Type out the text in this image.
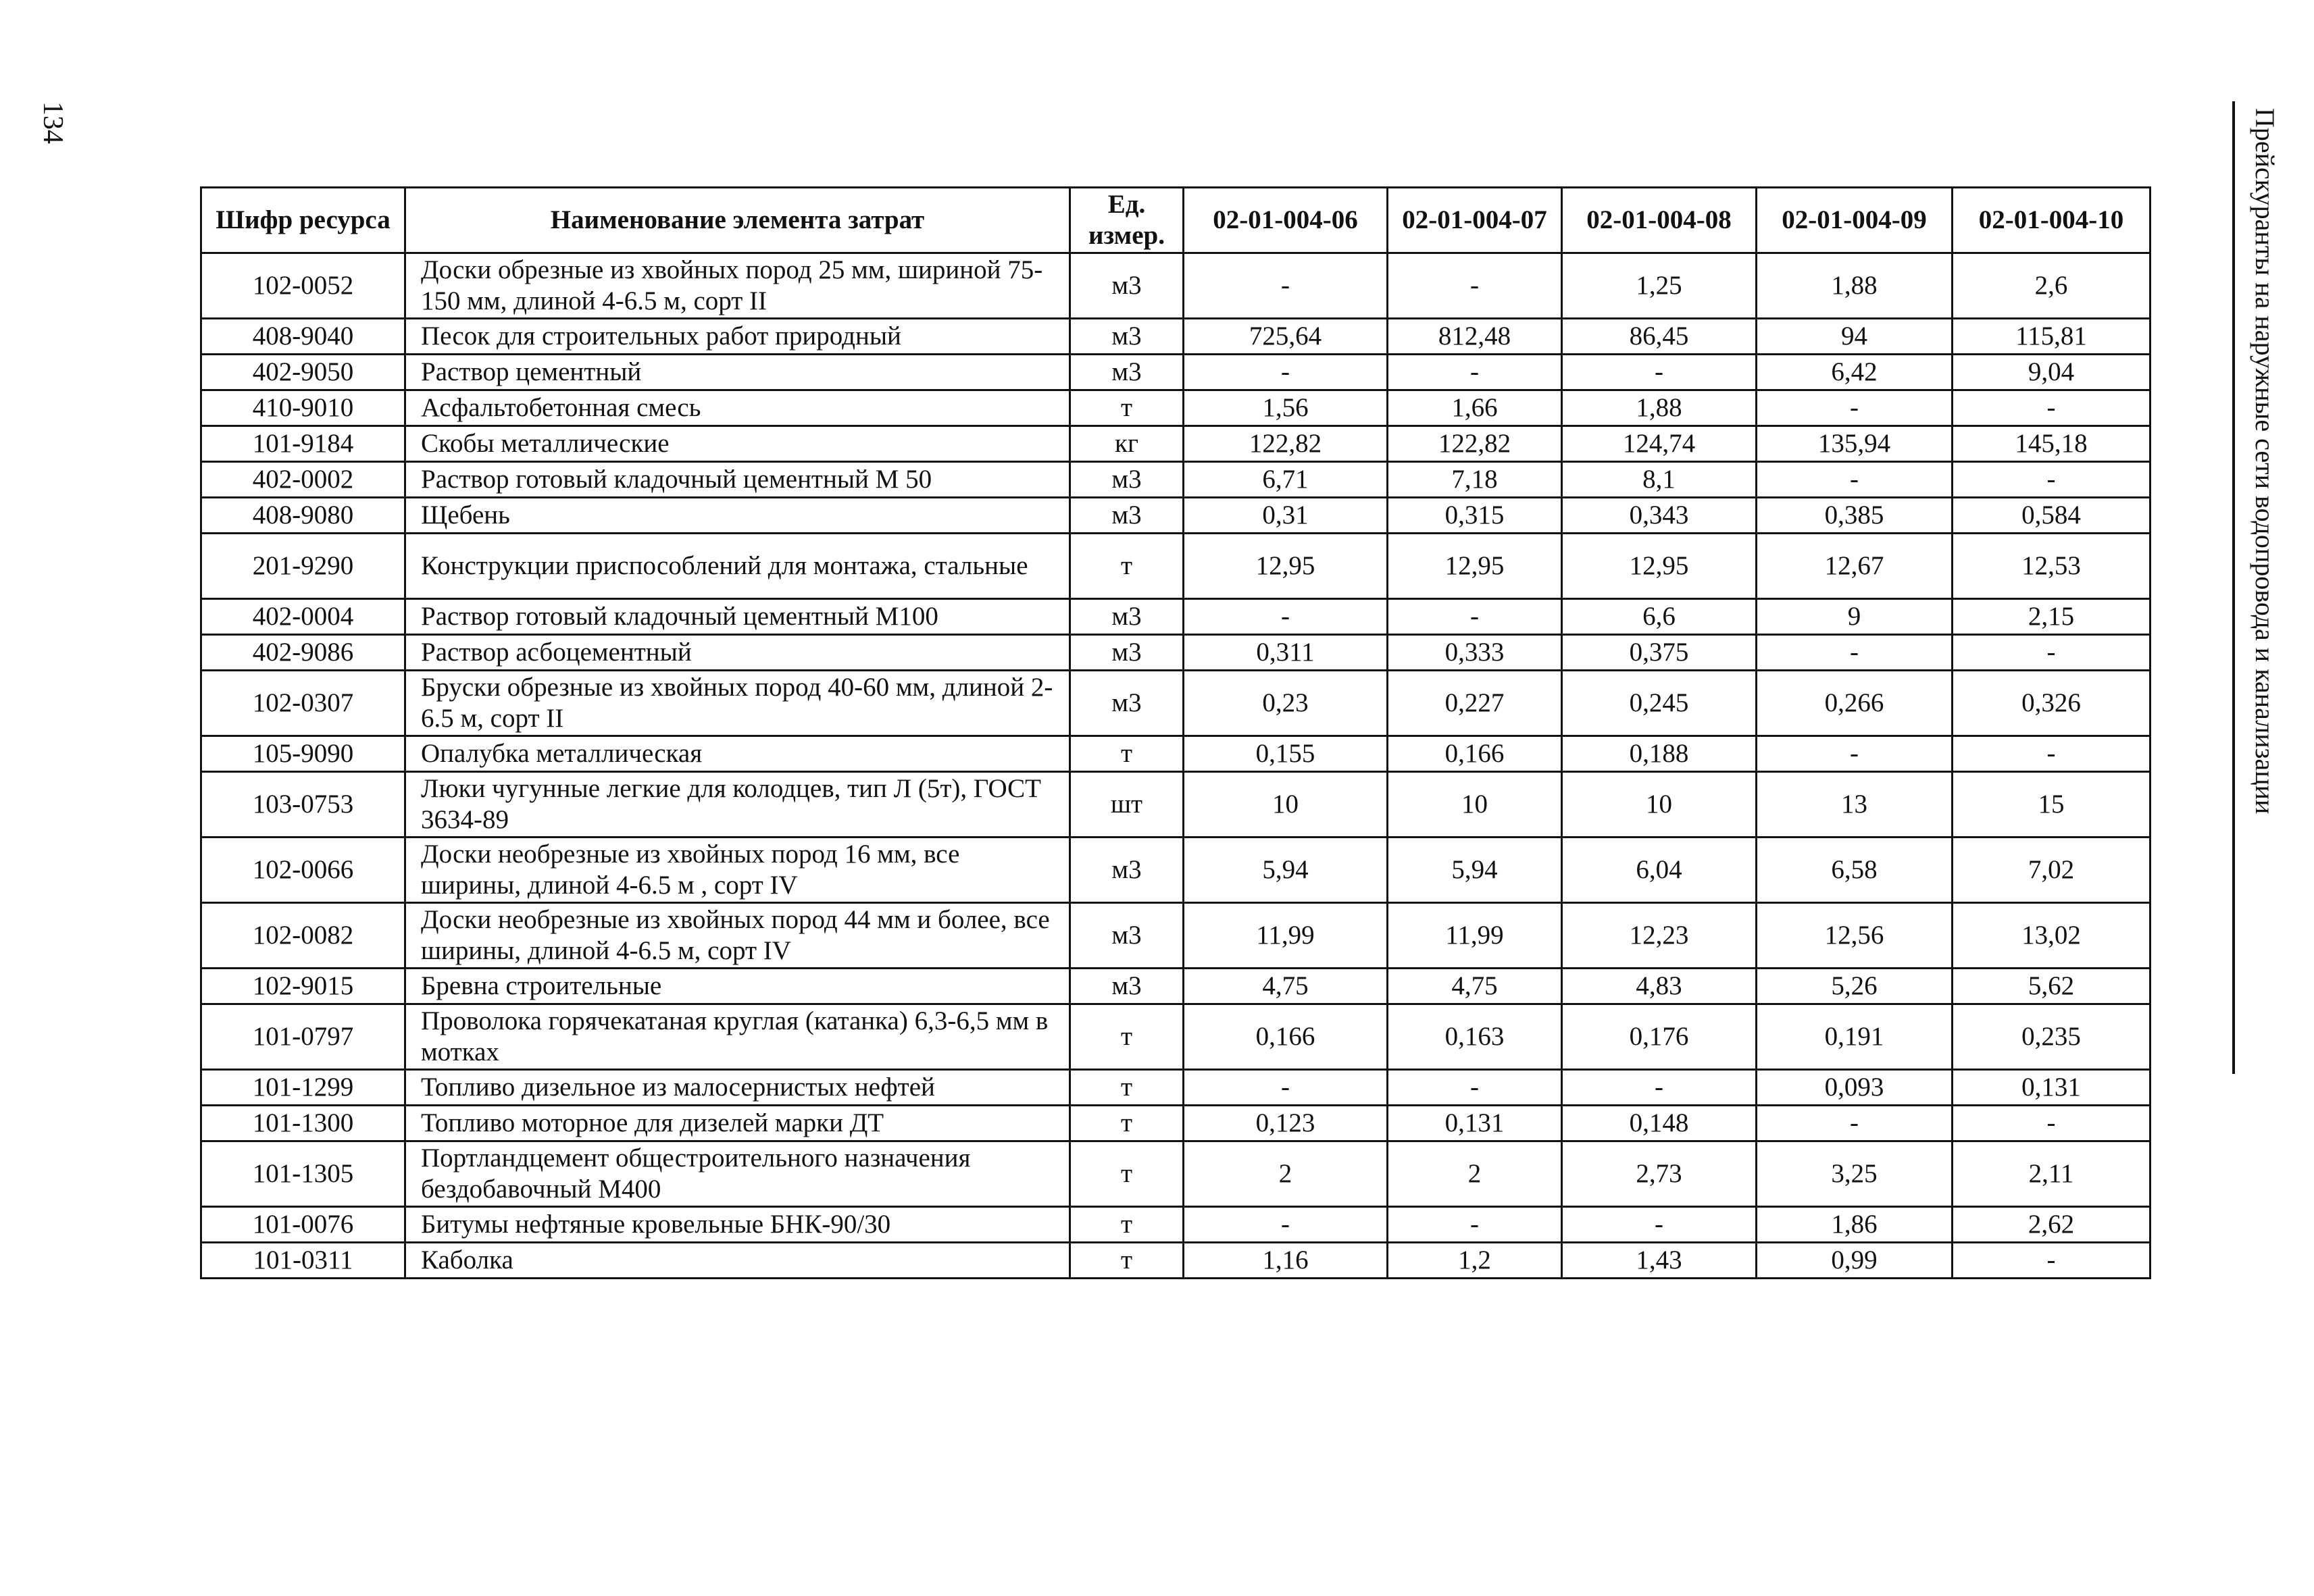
134	Прейскуранты на наружные сети водопровода и канализации
Шифр ресурса	Наименование элемента затрат	Ед. измер.	02-01-004-06	02-01-004-07	02-01-004-08	02-01-004-09	02-01-004-10
102-0052	Доски обрезные из хвойных пород 25 мм, шириной 75-150 мм, длиной 4-6.5 м, сорт II	м3	-	-	1,25	1,88	2,6
408-9040	Песок для строительных работ природный	м3	725,64	812,48	86,45	94	115,81
402-9050	Раствор цементный	м3	-	-	-	6,42	9,04
410-9010	Асфальтобетонная смесь	т	1,56	1,66	1,88	-	-
101-9184	Скобы металлические	кг	122,82	122,82	124,74	135,94	145,18
402-0002	Раствор готовый кладочный цементный М 50	м3	6,71	7,18	8,1	-	-
408-9080	Щебень	м3	0,31	0,315	0,343	0,385	0,584
201-9290	Конструкции приспособлений для монтажа, стальные	т	12,95	12,95	12,95	12,67	12,53
402-0004	Раствор готовый кладочный цементный М100	м3	-	-	6,6	9	2,15
402-9086	Раствор асбоцементный	м3	0,311	0,333	0,375	-	-
102-0307	Бруски обрезные из хвойных пород 40-60 мм, длиной 2-6.5 м, сорт II	м3	0,23	0,227	0,245	0,266	0,326
105-9090	Опалубка металлическая	т	0,155	0,166	0,188	-	-
103-0753	Люки чугунные легкие для колодцев, тип Л (5т), ГОСТ 3634-89	шт	10	10	10	13	15
102-0066	Доски необрезные из хвойных пород 16 мм, все ширины, длиной 4-6.5 м , сорт IV	м3	5,94	5,94	6,04	6,58	7,02
102-0082	Доски необрезные из хвойных пород 44 мм и более, все ширины, длиной 4-6.5 м, сорт IV	м3	11,99	11,99	12,23	12,56	13,02
102-9015	Бревна строительные	м3	4,75	4,75	4,83	5,26	5,62
101-0797	Проволока горячекатаная круглая (катанка) 6,3-6,5 мм в мотках	т	0,166	0,163	0,176	0,191	0,235
101-1299	Топливо дизельное из малосернистых нефтей	т	-	-	-	0,093	0,131
101-1300	Топливо моторное для дизелей марки ДТ	т	0,123	0,131	0,148	-	-
101-1305	Портландцемент общестроительного назначения бездобавочный М400	т	2	2	2,73	3,25	2,11
101-0076	Битумы нефтяные кровельные БНК-90/30	т	-	-	-	1,86	2,62
101-0311	Каболка	т	1,16	1,2	1,43	0,99	-
